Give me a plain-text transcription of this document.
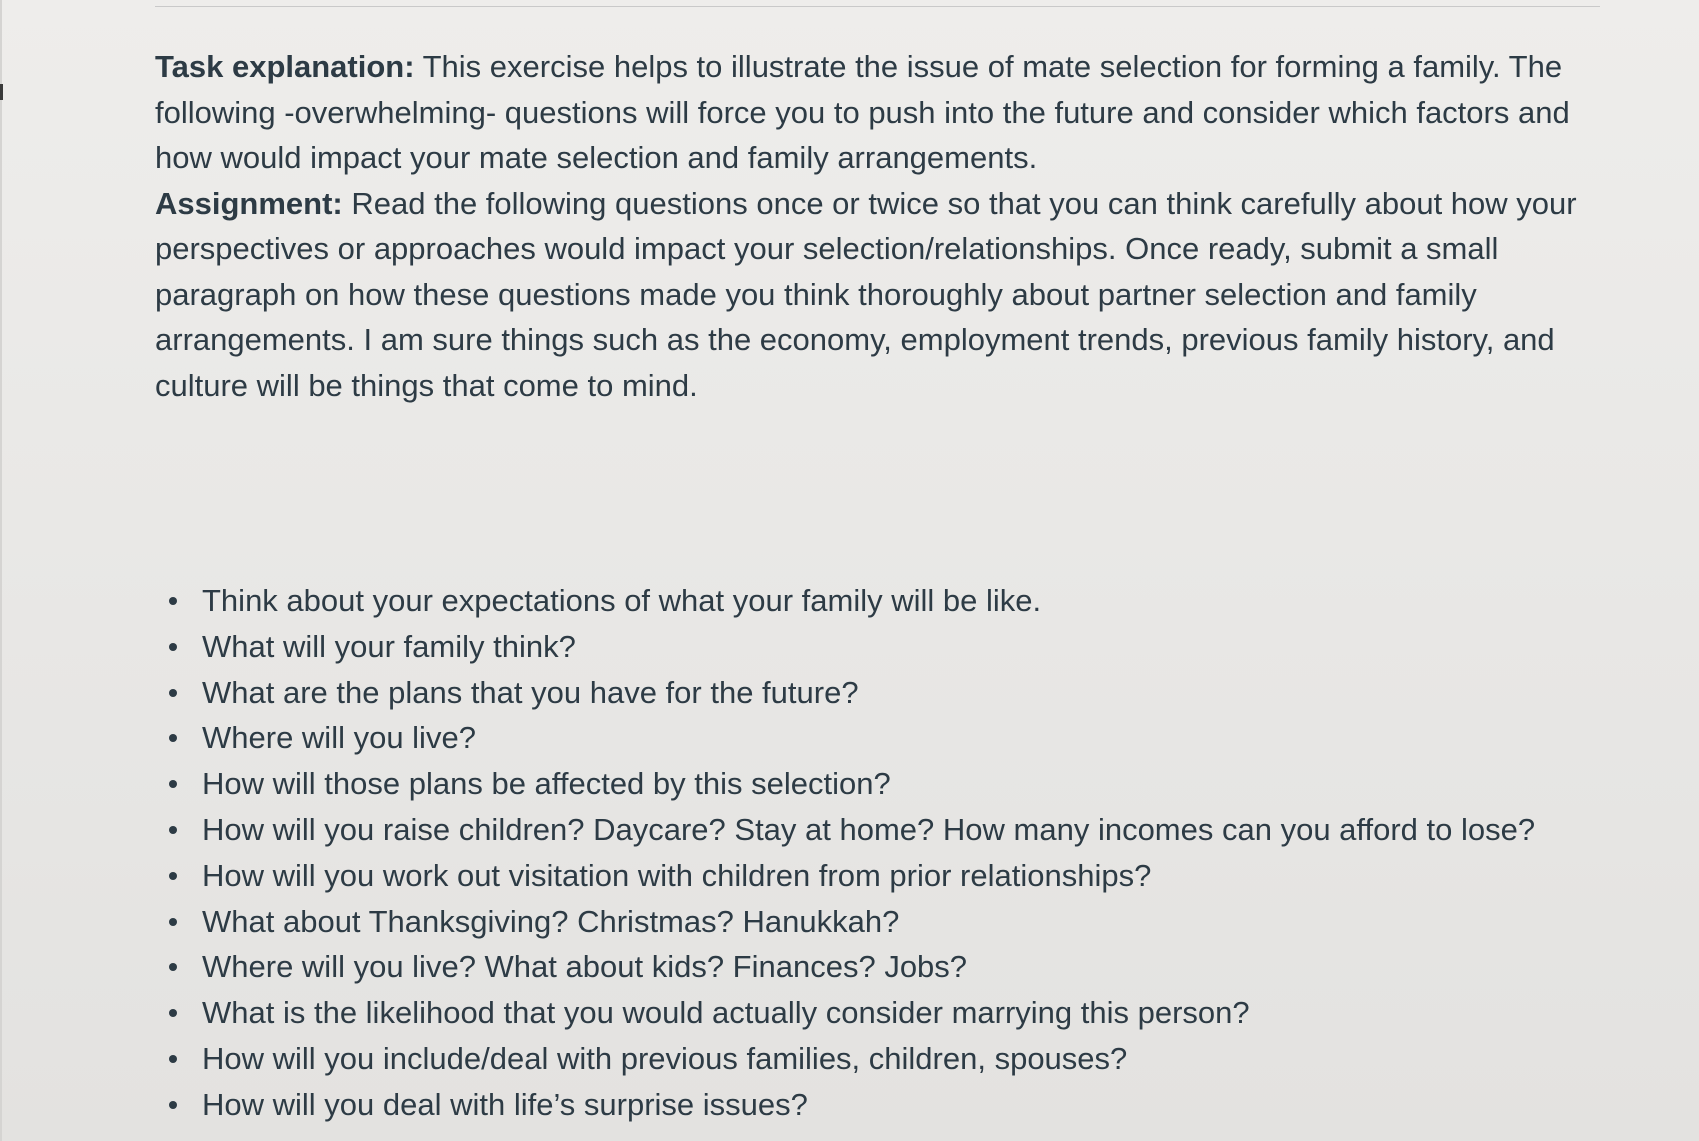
Task explanation: This exercise helps to illustrate the issue of mate selection for forming a family. The following -overwhelming- questions will force you to push into the future and consider which factors and how would impact your mate selection and family arrangements.

Assignment: Read the following questions once or twice so that you can think carefully about how your perspectives or approaches would impact your selection/relationships. Once ready, submit a small paragraph on how these questions made you think thoroughly about partner selection and family arrangements. I am sure things such as the economy, employment trends, previous family history, and culture will be things that come to mind.

Think about your expectations of what your family will be like.
What will your family think?
What are the plans that you have for the future?
Where will you live?
How will those plans be affected by this selection?
How will you raise children? Daycare? Stay at home? How many incomes can you afford to lose?
How will you work out visitation with children from prior relationships?
What about Thanksgiving? Christmas? Hanukkah?
Where will you live? What about kids? Finances? Jobs?
What is the likelihood that you would actually consider marrying this person?
How will you include/deal with previous families, children, spouses?
How will you deal with life’s surprise issues?
